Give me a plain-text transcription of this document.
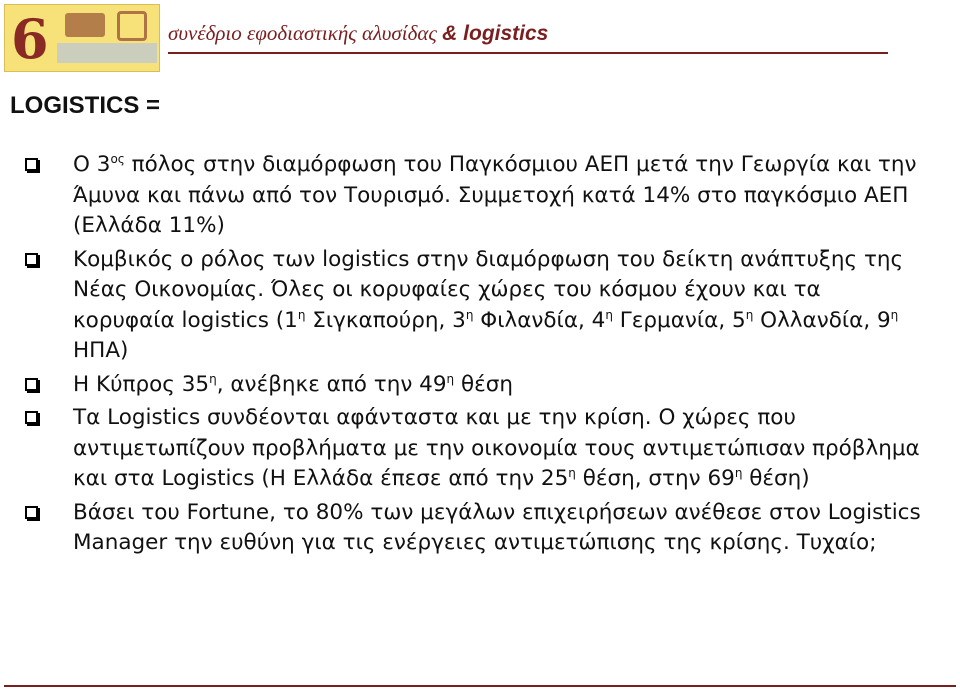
6	συνέδριο εφοδιαστικής αλυσίδας & logistics
LOGISTICS =
Ο $3^{o\varsigma}$ πόλος στην διαμόρφωση του Παγκόσμιου ΑΕΠ μετά την Γεωργία και την Άμυνα και πάνω από τον Τουρισμό. Συμμετοχή κατά 14% στο παγκόσμιο ΑΕΠ (Ελλάδα 11%)
Κομβικός ο ρόλος των logistics στην διαμόρφωση του δείκτη ανάπτυξης της Νέας Οικονομίας. Όλες οι κορυφαίες χώρες του κόσμου έχουν και τα κορυφαία logistics ($1^\eta$ Σιγκαπούρη, $3^\eta$ Φιλανδία, $4^\eta$ Γερμανία, $5^\eta$ Ολλανδία, $9^\eta$ ΗΠΑ)
Η Κύπρος $35^\eta$, ανέβηκε από την $49^\eta$ θέση
Τα Logistics συνδέονται αφάνταστα και με την κρίση. Ο χώρες που αντιμετωπίζουν προβλήματα με την οικονομία τους αντιμετώπισαν πρόβλημα και στα Logistics (Η Ελλάδα έπεσε από την $25^\eta$ θέση, στην $69^\eta$ θέση)
Βάσει του Fortune, το 80% των μεγάλων επιχειρήσεων ανέθεσε στον Logistics Manager την ευθύνη για τις ενέργειες αντιμετώπισης της κρίσης. Τυχαίο;
